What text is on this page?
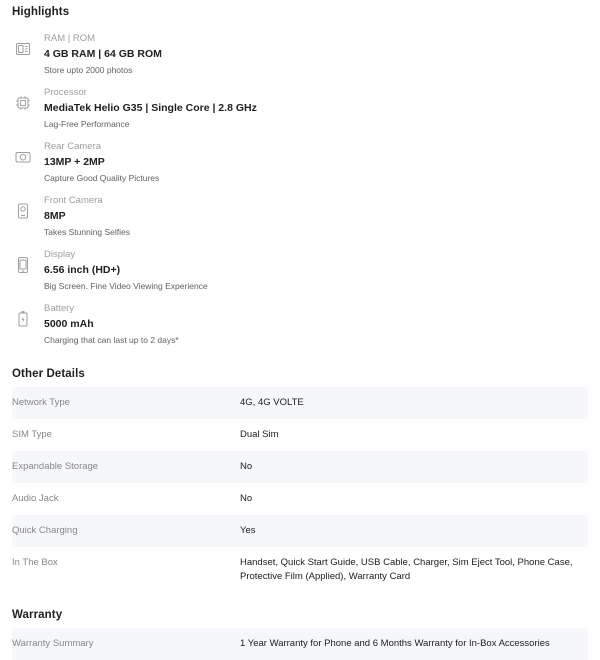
Highlights
RAM | ROM
4 GB RAM | 64 GB ROM
Store upto 2000 photos
Processor
MediaTek Helio G35 | Single Core | 2.8 GHz
Lag-Free Performance
Rear Camera
13MP + 2MP
Capture Good Quality Pictures
Front Camera
8MP
Takes Stunning Selfies
Display
6.56 inch (HD+)
Big Screen. Fine Video Viewing Experience
Battery
5000 mAh
Charging that can last up to 2 days*
Other Details
Network Type	4G, 4G VOLTE
SIM Type	Dual Sim
Expandable Storage	No
Audio Jack	No
Quick Charging	Yes
In The Box	Handset, Quick Start Guide, USB Cable, Charger, Sim Eject Tool, Phone Case, Protective Film (Applied), Warranty Card
Warranty
Warranty Summary	1 Year Warranty for Phone and 6 Months Warranty for In-Box Accessories
